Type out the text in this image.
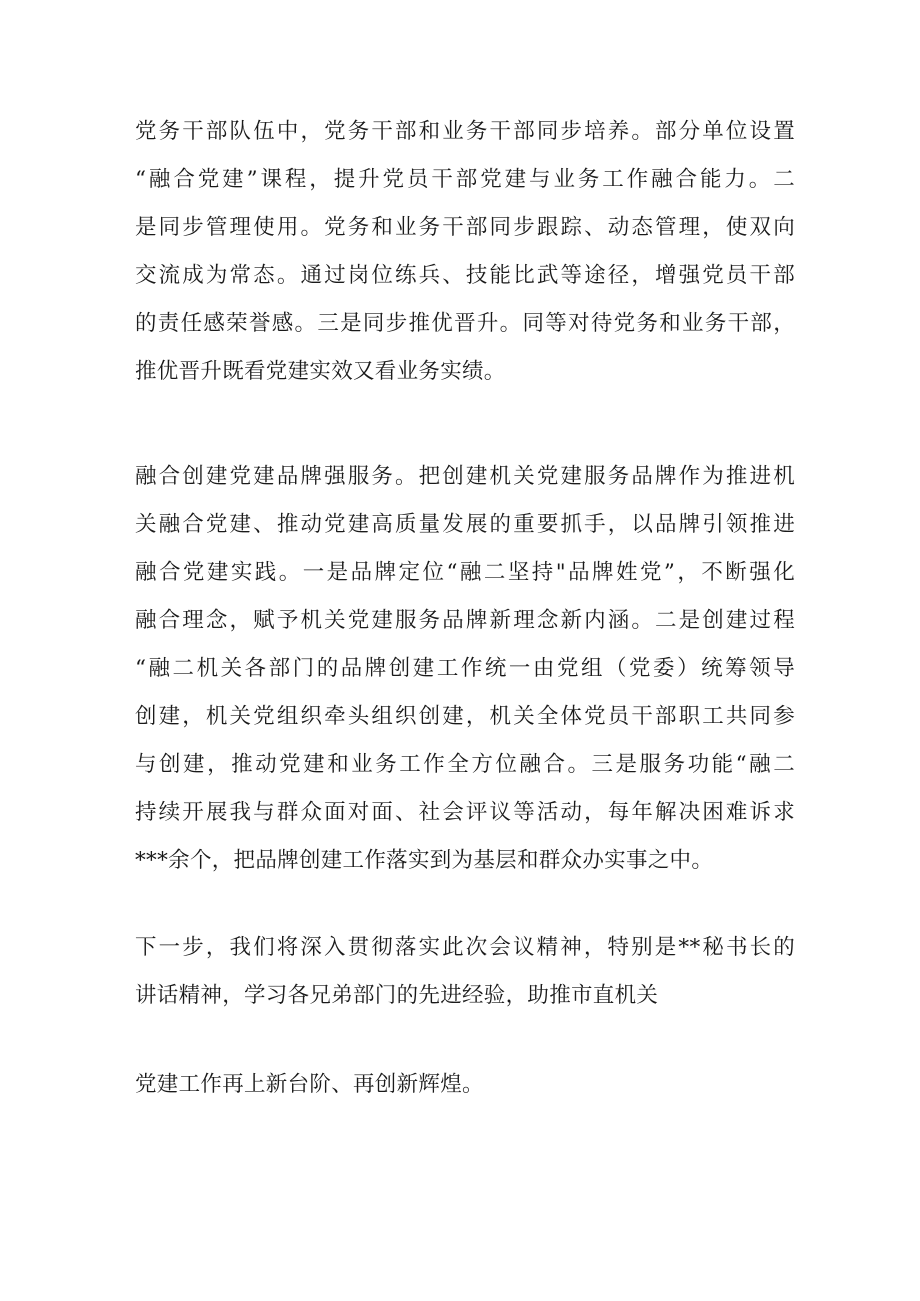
党务干部队伍中，党务干部和业务干部同步培养。部分单位设置
“融合党建”课程，提升党员干部党建与业务工作融合能力。二
是同步管理使用。党务和业务干部同步跟踪、动态管理，使双向
交流成为常态。通过岗位练兵、技能比武等途径，增强党员干部
的责任感荣誉感。三是同步推优晋升。同等对待党务和业务干部，
推优晋升既看党建实效又看业务实绩。
融合创建党建品牌强服务。把创建机关党建服务品牌作为推进机
关融合党建、推动党建高质量发展的重要抓手，以品牌引领推进
融合党建实践。一是品牌定位“融二坚持"品牌姓党”，不断强化
融合理念，赋予机关党建服务品牌新理念新内涵。二是创建过程
“融二机关各部门的品牌创建工作统一由党组（党委）统筹领导
创建，机关党组织牵头组织创建，机关全体党员干部职工共同参
与创建，推动党建和业务工作全方位融合。三是服务功能“融二
持续开展我与群众面对面、社会评议等活动，每年解决困难诉求
***余个，把品牌创建工作落实到为基层和群众办实事之中。
下一步，我们将深入贯彻落实此次会议精神，特别是**秘书长的
讲话精神，学习各兄弟部门的先进经验，助推市直机关
党建工作再上新台阶、再创新辉煌。
